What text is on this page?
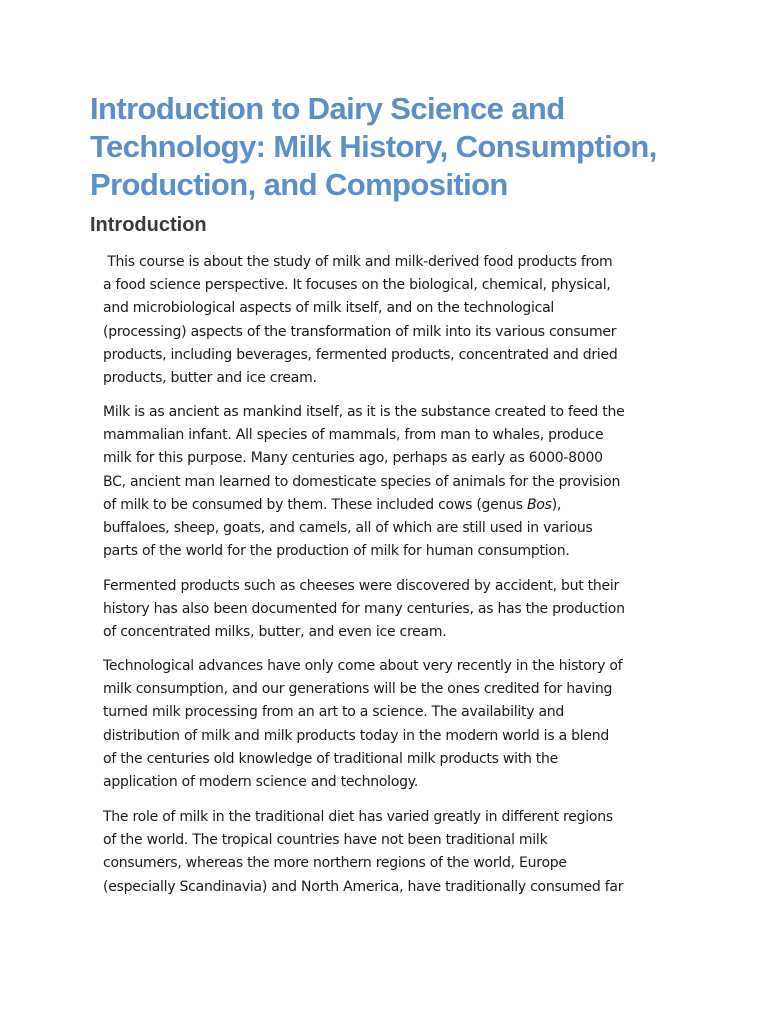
Introduction to Dairy Science and
Technology: Milk History, Consumption,
Production, and Composition
Introduction

This course is about the study of milk and milk-derived food products from
a food science perspective. It focuses on the biological, chemical, physical,
and microbiological aspects of milk itself, and on the technological
(processing) aspects of the transformation of milk into its various consumer
products, including beverages, fermented products, concentrated and dried
products, butter and ice cream.

Milk is as ancient as mankind itself, as it is the substance created to feed the
mammalian infant. All species of mammals, from man to whales, produce
milk for this purpose. Many centuries ago, perhaps as early as 6000-8000
BC, ancient man learned to domesticate species of animals for the provision
of milk to be consumed by them. These included cows (genus Bos),
buffaloes, sheep, goats, and camels, all of which are still used in various
parts of the world for the production of milk for human consumption.

Fermented products such as cheeses were discovered by accident, but their
history has also been documented for many centuries, as has the production
of concentrated milks, butter, and even ice cream.

Technological advances have only come about very recently in the history of
milk consumption, and our generations will be the ones credited for having
turned milk processing from an art to a science. The availability and
distribution of milk and milk products today in the modern world is a blend
of the centuries old knowledge of traditional milk products with the
application of modern science and technology.

The role of milk in the traditional diet has varied greatly in different regions
of the world. The tropical countries have not been traditional milk
consumers, whereas the more northern regions of the world, Europe
(especially Scandinavia) and North America, have traditionally consumed far
